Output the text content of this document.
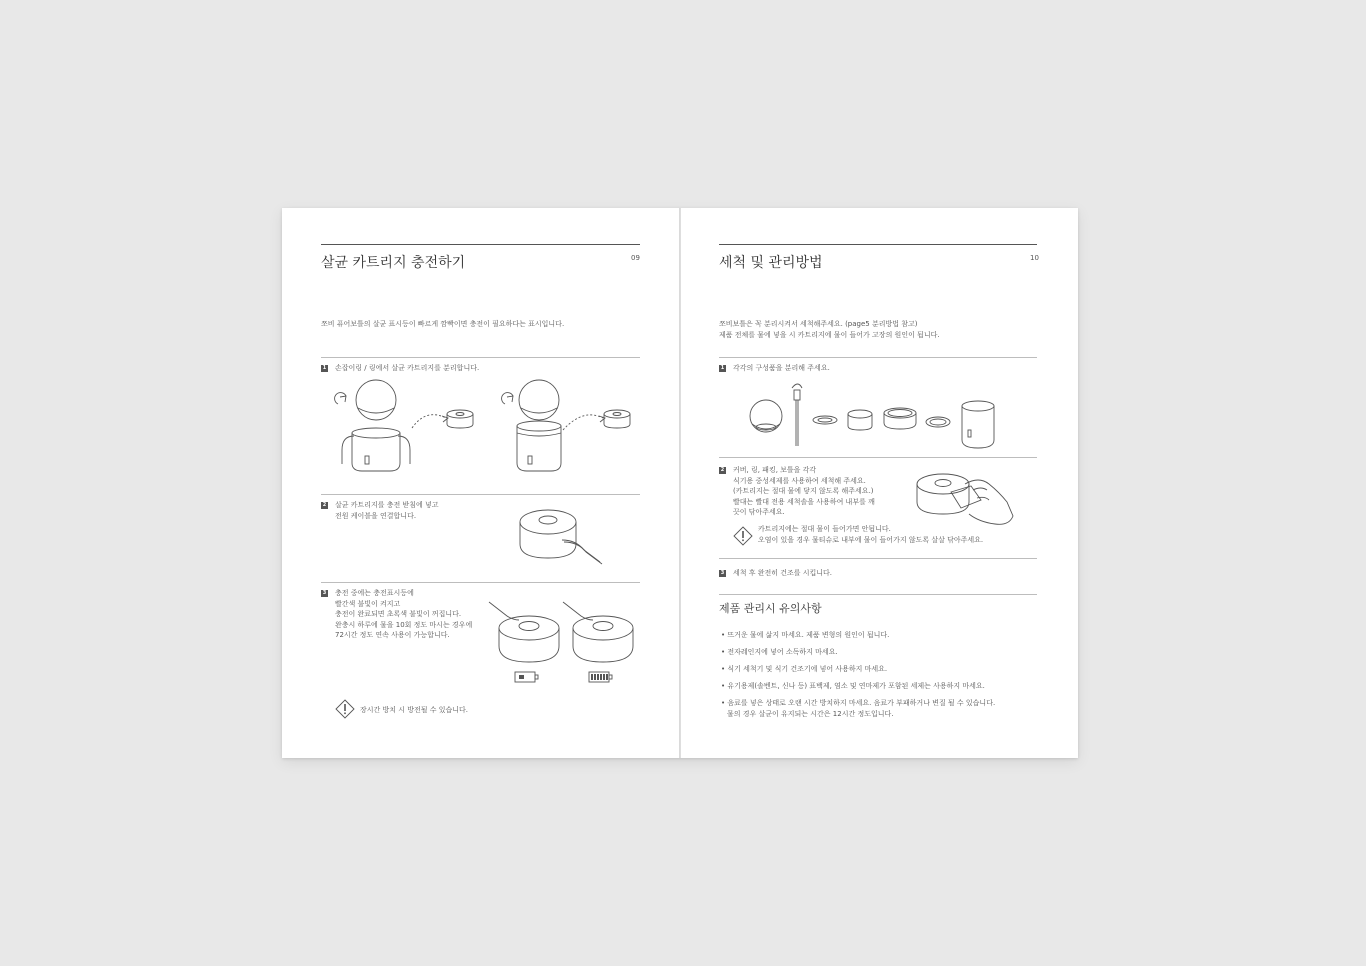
살균 카트리지 충전하기	09
쪼비 퓨어보틀의 살균 표시등이 빠르게 깜빡이면 충전이 필요하다는 표시입니다.
1 손잡이링 / 링에서 살균 카트리지를 분리합니다.
2 살균 카트리지를 충전 받침에 넣고
전원 케이블을 연결합니다.
3 충전 중에는 충전표시등에
빨간색 불빛이 켜지고
충전이 완료되면 초록색 불빛이 꺼집니다.
완충시 하루에 물을 10회 정도 마시는 경우에
72시간 정도 연속 사용이 가능합니다.
장시간 방치 시 방전될 수 있습니다.
세척 및 관리방법	10
쪼비보틀은 꼭 분리시켜서 세척해주세요. (page5 분리방법 참고)
제품 전체를 물에 넣을 시 카트리지에 물이 들어가 고장의 원인이 됩니다.
1 각각의 구성품을 분리해 주세요.
2 커버, 링, 패킹, 보틀을 각각
식기용 중성세제를 사용하여 세척해 주세요.
(카트리지는 절대 물에 닿지 않도록 해주세요.)
빨대는 빨대 전용 세척솔을 사용하여 내부를 깨
끗이 닦아주세요.
카트리지에는 절대 물이 들어가면 안됩니다.
오염이 있을 경우 물티슈로 내부에 물이 들어가지 않도록 살살 닦아주세요.
3 세척 후 완전히 건조를 시킵니다.
제품 관리시 유의사항
• 뜨거운 물에 삶지 마세요. 제품 변형의 원인이 됩니다.
• 전자레인지에 넣어 소독하지 마세요.
• 식기 세척기 및 식기 건조기에 넣어 사용하지 마세요.
• 유기용제(솔벤트, 신나 등) 표백제, 염소 및 연마제가 포함된 세제는 사용하지 마세요.
• 음료를 넣은 상태로 오랜 시간 방치하지 마세요. 음료가 부패하거나 변질 될 수 있습니다.
물의 경우 살균이 유지되는 시간은 12시간 정도입니다.
